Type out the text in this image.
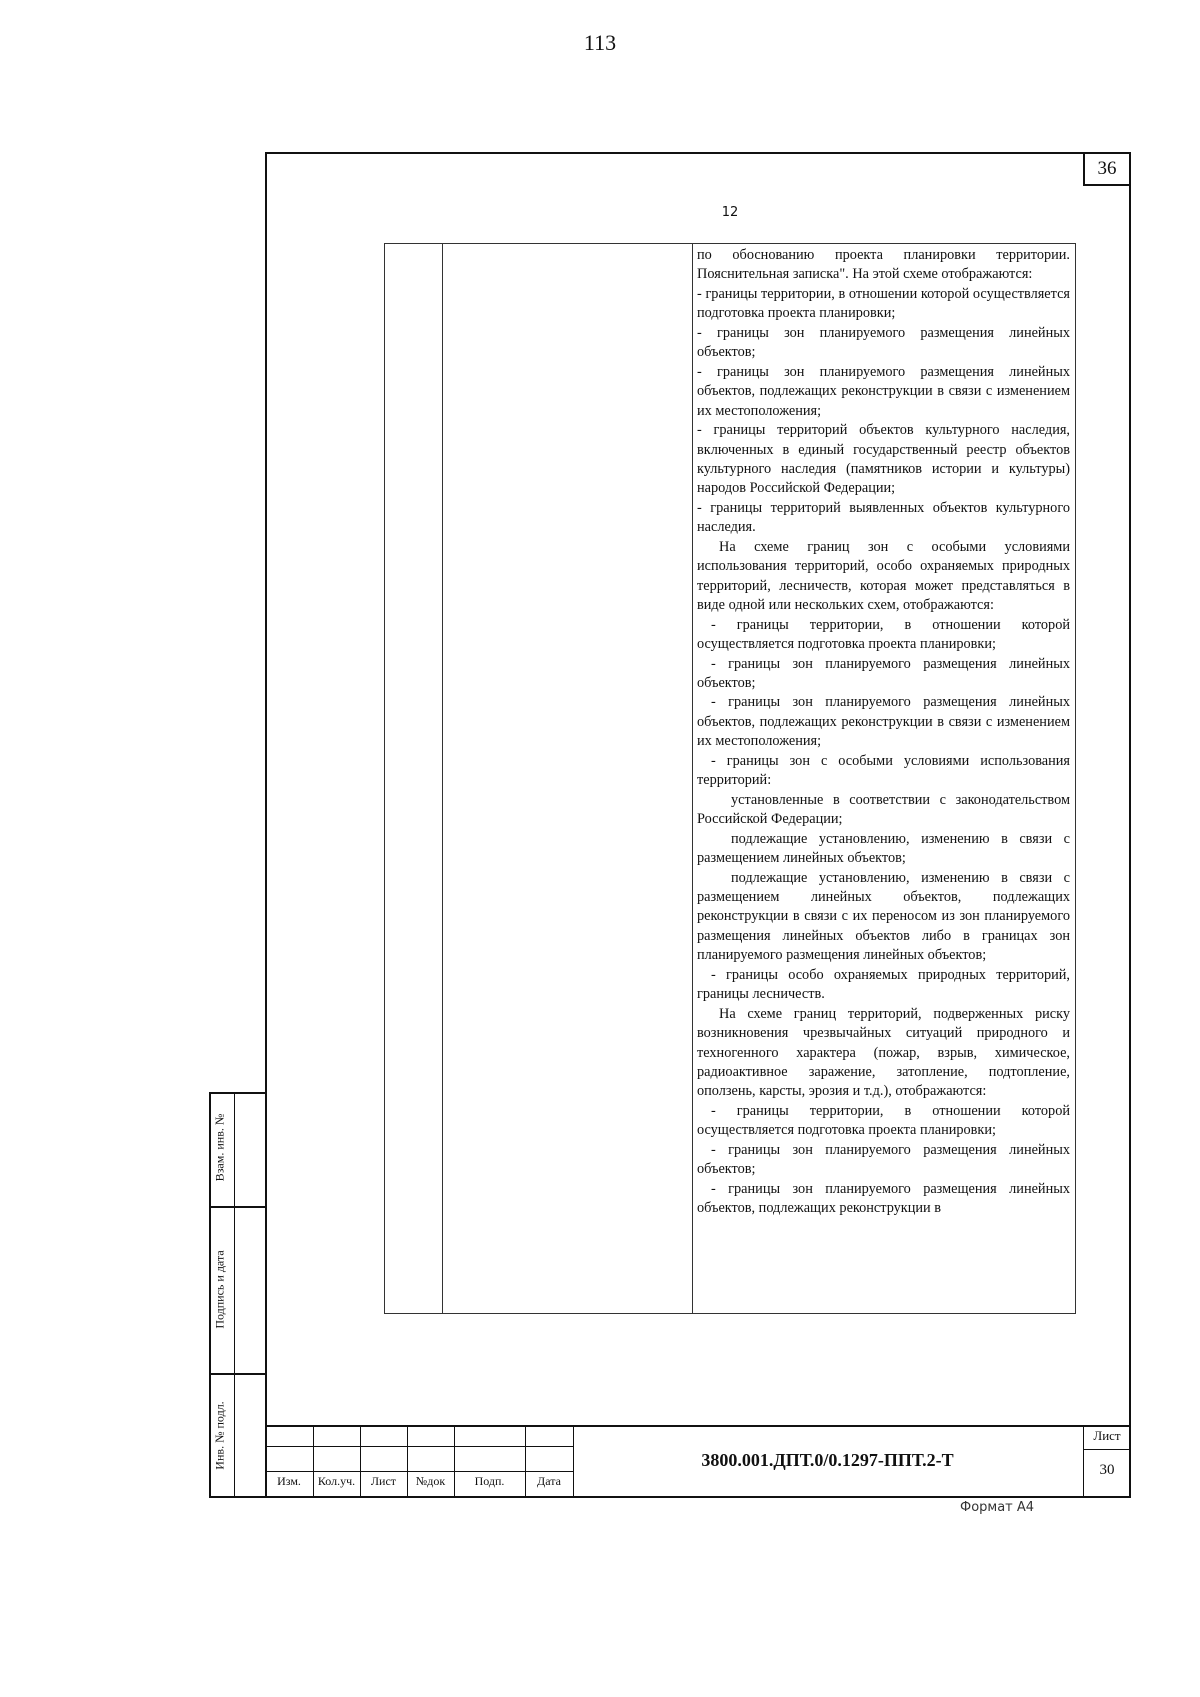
113
36
12

по обоснованию проекта планировки территории. Пояснительная записка". На этой схеме отображаются:

- границы территории, в отношении которой осуществляется подготовка проекта планировки;

- границы зон планируемого размещения линейных объектов;

- границы зон планируемого размещения линейных объектов, подлежащих реконструкции в связи с изменением их местоположения;

- границы территорий объектов культурного наследия, включенных в единый государственный реестр объектов культурного наследия (памятников истории и культуры) народов Российской Федерации;

- границы территорий выявленных объектов культурного наследия.

На схеме границ зон с особыми условиями использования территорий, особо охраняемых природных территорий, лесничеств, которая может представляться в виде одной или нескольких схем, отображаются:

- границы территории, в отношении которой осуществляется подготовка проекта планировки;

- границы зон планируемого размещения линейных объектов;

- границы зон планируемого размещения линейных объектов, подлежащих реконструкции в связи с изменением их местоположения;

- границы зон с особыми условиями использования территорий:

установленные в соответствии с законодательством Российской Федерации;

подлежащие установлению, изменению в связи с размещением линейных объектов;

подлежащие установлению, изменению в связи с размещением линейных объектов, подлежащих реконструкции в связи с их переносом из зон планируемого размещения линейных объектов либо в границах зон планируемого размещения линейных объектов;

- границы особо охраняемых природных территорий, границы лесничеств.

На схеме границ территорий, подверженных риску возникновения чрезвычайных ситуаций природного и техногенного характера (пожар, взрыв, химическое, радиоактивное заражение, затопление, подтопление, оползень, карсты, эрозия и т.д.), отображаются:

- границы территории, в отношении которой осуществляется подготовка проекта планировки;

- границы зон планируемого размещения линейных объектов;

- границы зон планируемого размещения линейных объектов, подлежащих реконструкции в

Взам. инв. №
Подпись и дата
Инв. № подл.
Изм.	Кол.уч.	Лист	№док	Подп.	Дата
3800.001.ДПТ.0/0.1297-ППТ.2-Т
Лист
30
Формат А4
